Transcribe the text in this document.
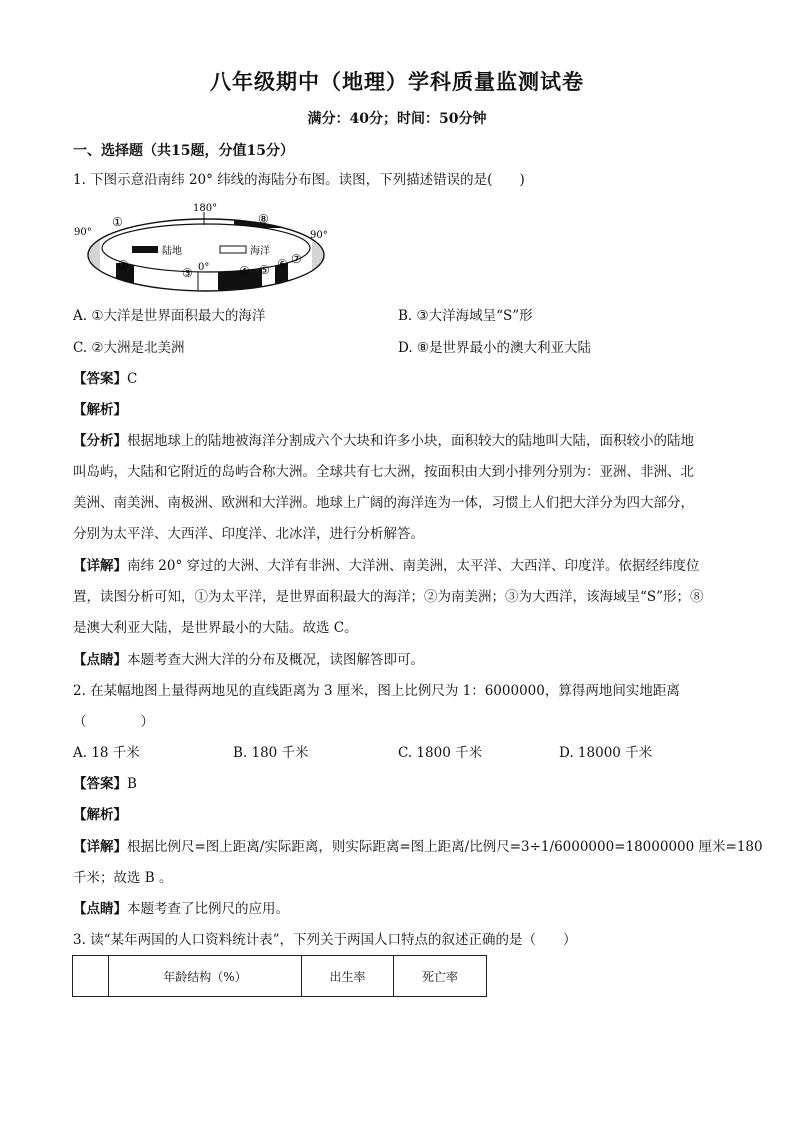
八年级期中（地理）学科质量监测试卷
满分：40分；时间：50分钟
一、选择题（共15题，分值15分）
1. 下图示意沿南纬 20° 纬线的海陆分布图。读图，下列描述错误的是(　　)
180°
90°	90°
0°
陆地	海洋
①
②
③	④ ⑤ ⑥ ⑦
⑧
A. ①大洋是世界面积最大的海洋	B. ③大洋海域呈“S”形
C. ②大洲是北美洲	D. ⑧是世界最小的澳大利亚大陆
【答案】C
【解析】
【分析】根据地球上的陆地被海洋分割成六个大块和许多小块，面积较大的陆地叫大陆，面积较小的陆地
叫岛屿，大陆和它附近的岛屿合称大洲。全球共有七大洲，按面积由大到小排列分别为：亚洲、非洲、北
美洲、南美洲、南极洲、欧洲和大洋洲。地球上广阔的海洋连为一体，习惯上人们把大洋分为四大部分，
分别为太平洋、大西洋、印度洋、北冰洋，进行分析解答。
【详解】南纬 20° 穿过的大洲、大洋有非洲、大洋洲、南美洲，太平洋、大西洋、印度洋。依据经纬度位
置，读图分析可知，①为太平洋，是世界面积最大的海洋；②为南美洲；③为大西洋，该海域呈“S”形；⑧
是澳大利亚大陆，是世界最小的大陆。故选 C。
【点睛】本题考查大洲大洋的分布及概况，读图解答即可。
2. 在某幅地图上量得两地见的直线距离为 3 厘米，图上比例尺为 1：6000000，算得两地间实地距离
（　　　　）
A. 18 千米	B. 180 千米	C. 1800 千米	D. 18000 千米
【答案】B
【解析】
【详解】根据比例尺=图上距离/实际距离，则实际距离=图上距离/比例尺=3÷1/6000000=18000000 厘米=180
千米；故选 B 。
【点睛】本题考查了比例尺的应用。
3. 读“某年两国的人口资料统计表”，下列关于两国人口特点的叙述正确的是（　　）
	年龄结构（%）	出生率	死亡率
